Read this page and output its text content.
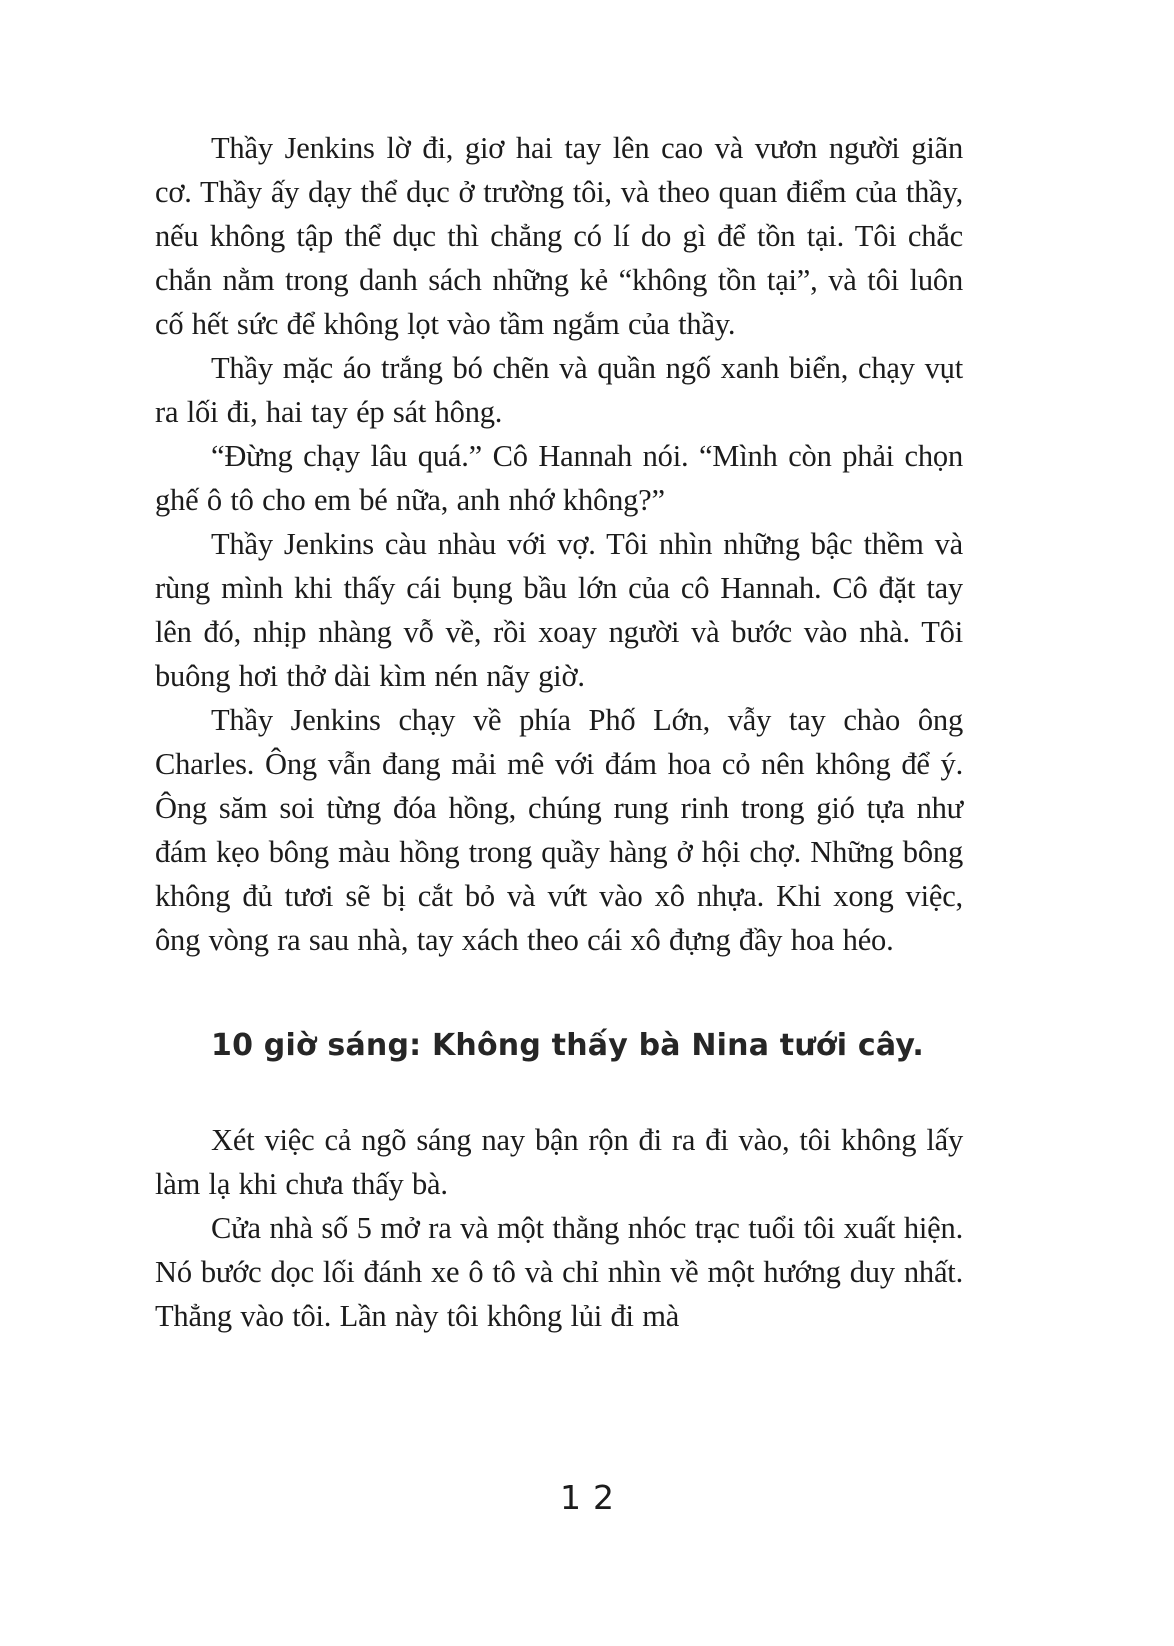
Thầy Jenkins lờ đi, giơ hai tay lên cao và vươn người giãn cơ. Thầy ấy dạy thể dục ở trường tôi, và theo quan điểm của thầy, nếu không tập thể dục thì chẳng có lí do gì để tồn tại. Tôi chắc chắn nằm trong danh sách những kẻ “không tồn tại”, và tôi luôn cố hết sức để không lọt vào tầm ngắm của thầy.

Thầy mặc áo trắng bó chẽn và quần ngố xanh biển, chạy vụt ra lối đi, hai tay ép sát hông.

“Đừng chạy lâu quá.” Cô Hannah nói. “Mình còn phải chọn ghế ô tô cho em bé nữa, anh nhớ không?”

Thầy Jenkins càu nhàu với vợ. Tôi nhìn những bậc thềm và rùng mình khi thấy cái bụng bầu lớn của cô Hannah. Cô đặt tay lên đó, nhịp nhàng vỗ về, rồi xoay người và bước vào nhà. Tôi buông hơi thở dài kìm nén nãy giờ.

Thầy Jenkins chạy về phía Phố Lớn, vẫy tay chào ông Charles. Ông vẫn đang mải mê với đám hoa cỏ nên không để ý. Ông săm soi từng đóa hồng, chúng rung rinh trong gió tựa như đám kẹo bông màu hồng trong quầy hàng ở hội chợ. Những bông không đủ tươi sẽ bị cắt bỏ và vứt vào xô nhựa. Khi xong việc, ông vòng ra sau nhà, tay xách theo cái xô đựng đầy hoa héo.

10 giờ sáng: Không thấy bà Nina tưới cây.

Xét việc cả ngõ sáng nay bận rộn đi ra đi vào, tôi không lấy làm lạ khi chưa thấy bà.

Cửa nhà số 5 mở ra và một thằng nhóc trạc tuổi tôi xuất hiện. Nó bước dọc lối đánh xe ô tô và chỉ nhìn về một hướng duy nhất. Thẳng vào tôi. Lần này tôi không lủi đi mà

12
